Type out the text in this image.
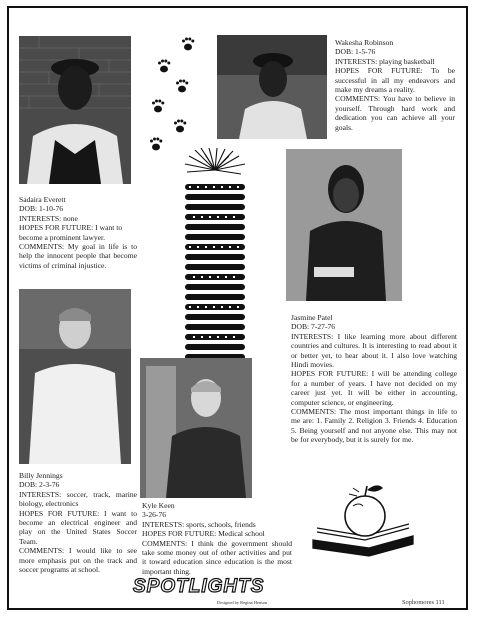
Wakesha Robinson
DOB: 1-5-76
INTERESTS: playing basketball
HOPES FOR FUTURE: To be successful in all my endeavors and make my dreams a reality.
COMMENTS: You have to believe in yourself. Through hard work and dedication you can achieve all your goals.
Sadaira Everett
DOB: 1-10-76
INTERESTS: none
HOPES FOR FUTURE: I want to become a prominent lawyer.
COMMENTS: My goal in life is to help the innocent people that become victims of criminal injustice.
Jasmine Patel
DOB: 7-27-76
INTERESTS: I like learning more about different countries and cultures. It is interesting to read about it or better yet, to hear about it. I also love watching Hindi movies.
HOPES FOR FUTURE: I will be attending college for a number of years. I have not decided on my career just yet. It will be either in accounting, computer science, or engineering.
COMMENTS: The most important things in life to me are: 1. Family 2. Religion 3. Friends 4. Education 5. Being yourself and not anyone else. This may not be for everybody, but it is surely for me.
Billy Jennings
DOB: 2-3-76
INTERESTS: soccer, track, marine biology, electronics
HOPES FOR FUTURE: I want to become an electrical engineer and play on the United States Soccer Team.
COMMENTS: I would like to see more emphasis put on the track and soccer programs at school.
Kyle Keen
3-26-76
INTERESTS: sports, schools, friends
HOPES FOR FUTURE: Medical school
COMMENTS: I think the government should take some money out of other activities and put it toward education since education is the most important thing.
SPOTLIGHTS
Designed by Regina Henson	Sophomores 111
